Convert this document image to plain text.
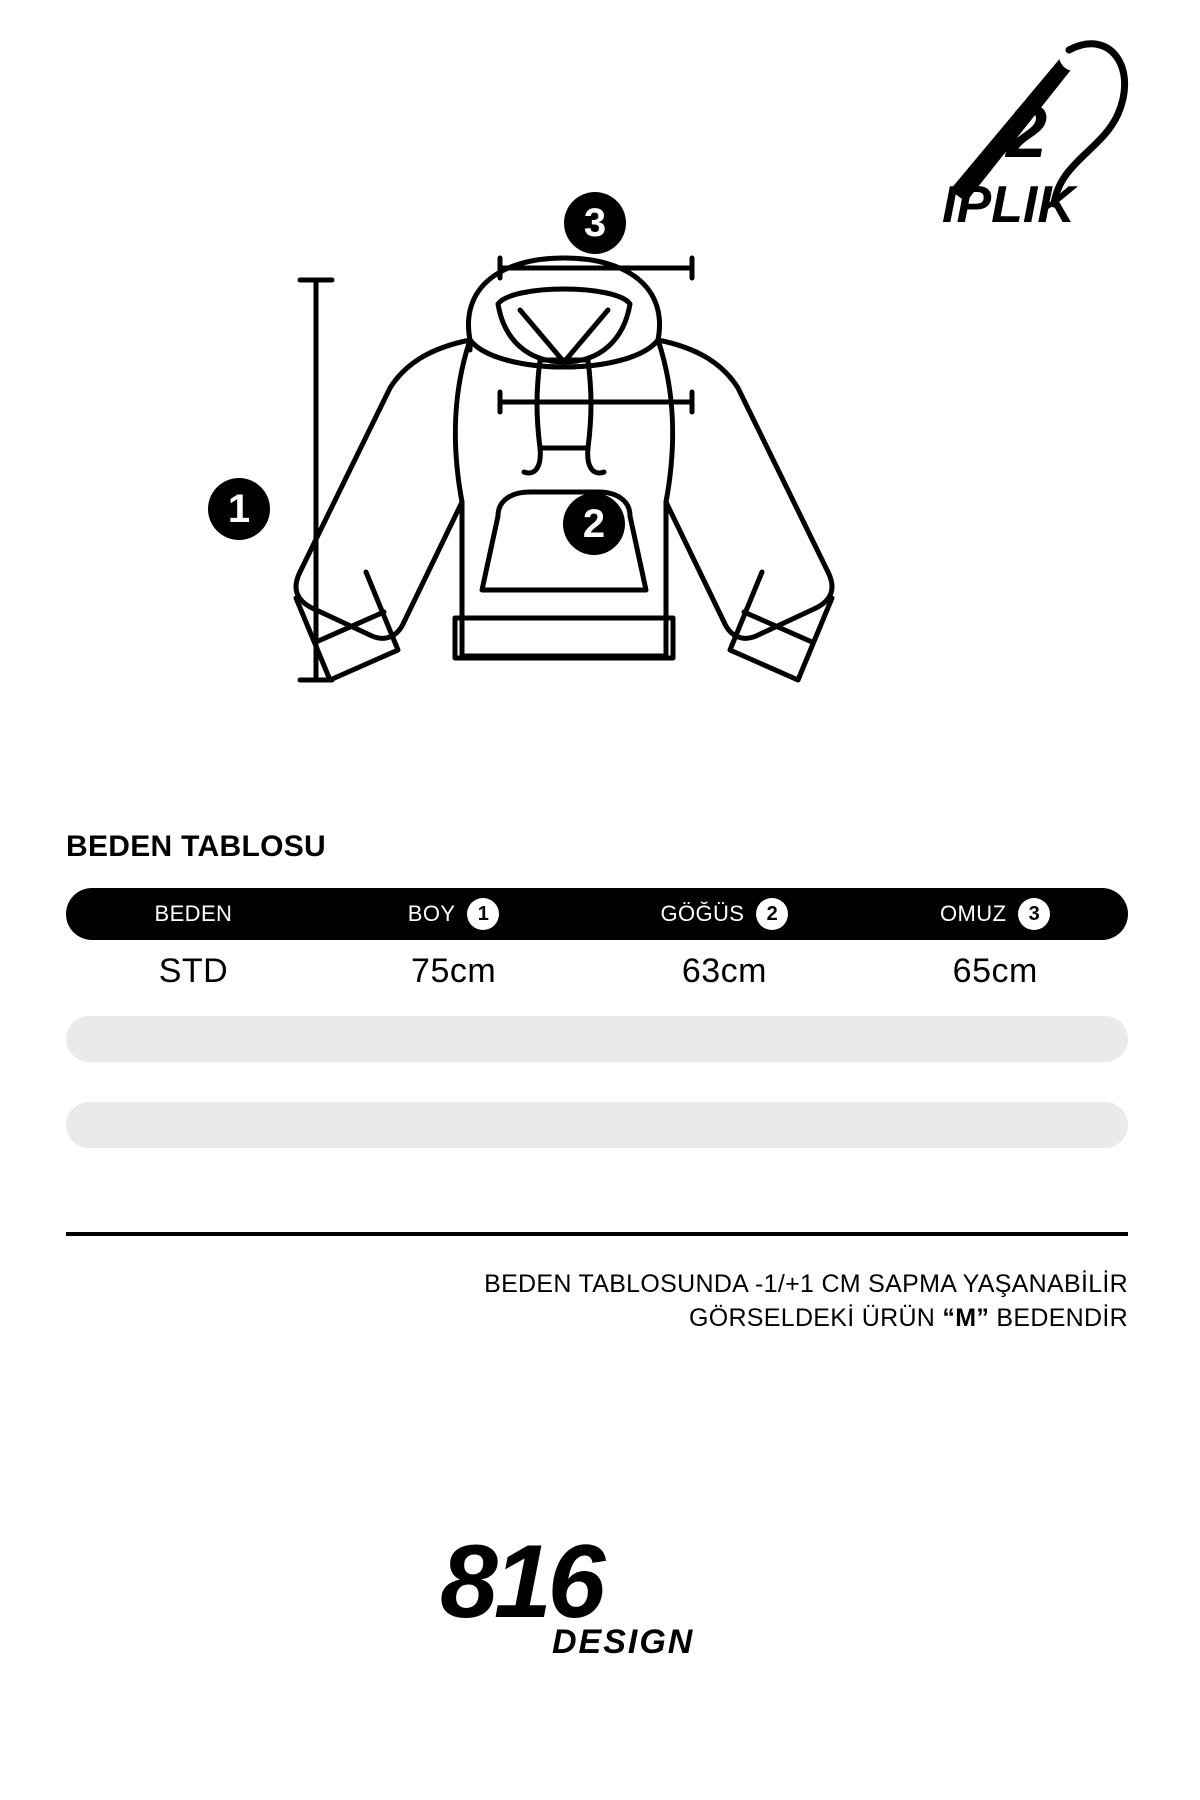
2
IPLIK
1	2
3
BEDEN TABLOSU
BEDEN	BOY	1	GÖĞÜS	2	OMUZ	3
STD	75cm	63cm	65cm
BEDEN TABLOSUNDA -1/+1 CM SAPMA YAŞANABİLİR
GÖRSELDEKİ ÜRÜN “M” BEDENDİR
816
DESIGN
